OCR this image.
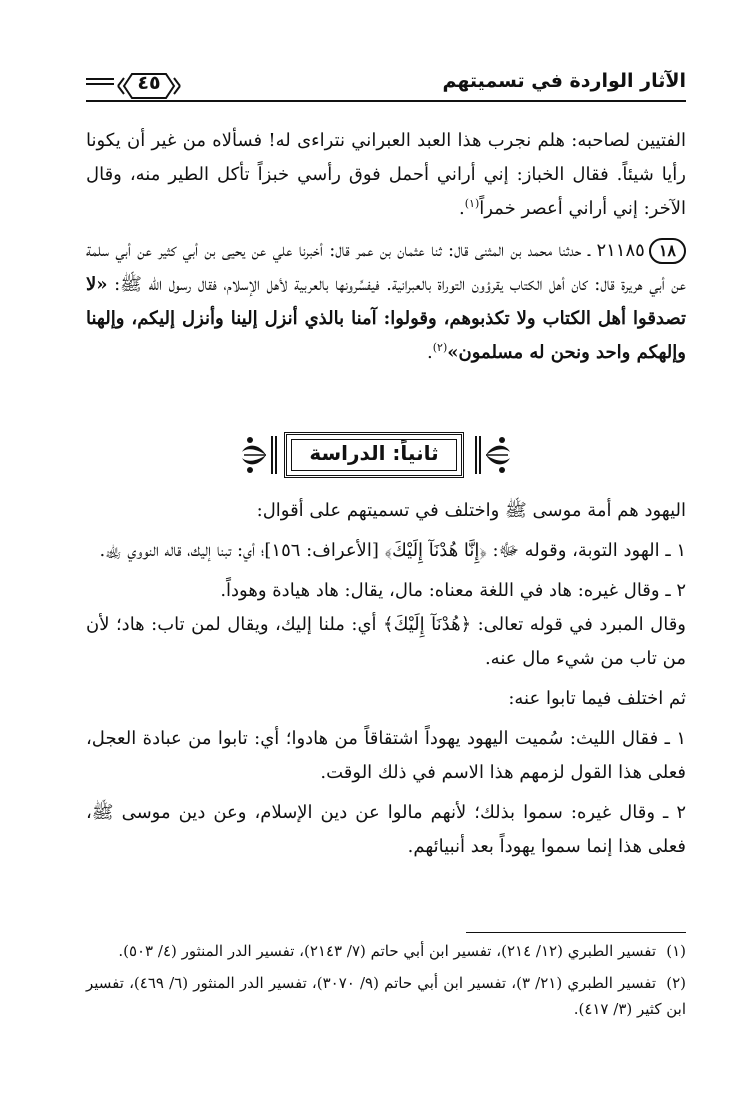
الآثار الواردة في تسميتهم
٤٥

الفتيين لصاحبه: هلم نجرب هذا العبد العبراني نتراءى له! فسألاه من غير أن يكونا رأيا شيئاً. فقال الخباز: إني أراني أحمل فوق رأسي خبزاً تأكل الطير منه، وقال الآخر: إني أراني أعصر خمراً$^{(١)}$.

١٨٢١١٨٥ ـ حدثنا محمد بن المثنى قال: ثنا عثمان بن عمر قال: أخبرنا علي عن يحيى بن أبي كثير عن أبي سلمة عن أبي هريرة قال: كان أهل الكتاب يقرؤون التوراة بالعبرانية. فيفسِّرونها بالعربية لأهل الإسلام، فقال رسول الله ﷺ: «لا تصدقوا أهل الكتاب ولا تكذبوهم، وقولوا: آمنا بالذي أنزل إلينا وأنزل إليكم، وإلهنا وإلهكم واحد ونحن له مسلمون»$^{(٢)}$.

ثانياً: الدراسة

اليهود هم أمة موسى ﷺ واختلف في تسميتهم على أقوال:

١ ـ الهود التوبة، وقوله ﷻ: ﴿إِنَّا هُدْنَآ إِلَيْكَ﴾ [الأعراف: ١٥٦]؛ أي: تبنا إليك، قاله النووي ﵀.

٢ ـ وقال غيره: هاد في اللغة معناه: مال، يقال: هاد هيادة وهوداً.

وقال المبرد في قوله تعالى: ﴿هُدْنَآ إِلَيْكَ﴾ أي: ملنا إليك، ويقال لمن تاب: هاد؛ لأن من تاب من شيء مال عنه.

ثم اختلف فيما تابوا عنه:

١ ـ فقال الليث: سُميت اليهود يهوداً اشتقاقاً من هادوا؛ أي: تابوا من عبادة العجل، فعلى هذا القول لزمهم هذا الاسم في ذلك الوقت.

٢ ـ وقال غيره: سموا بذلك؛ لأنهم مالوا عن دين الإسلام، وعن دين موسى ﷺ، فعلى هذا إنما سموا يهوداً بعد أنبيائهم.

(١)تفسير الطبري (١٢/ ٢١٤)، تفسير ابن أبي حاتم (٧/ ٢١٤٣)، تفسير الدر المنثور (٤/ ٥٠٣).

(٢)تفسير الطبري (٢١/ ٣)، تفسير ابن أبي حاتم (٩/ ٣٠٧٠)، تفسير الدر المنثور (٦/ ٤٦٩)، تفسير ابن كثير (٣/ ٤١٧).
